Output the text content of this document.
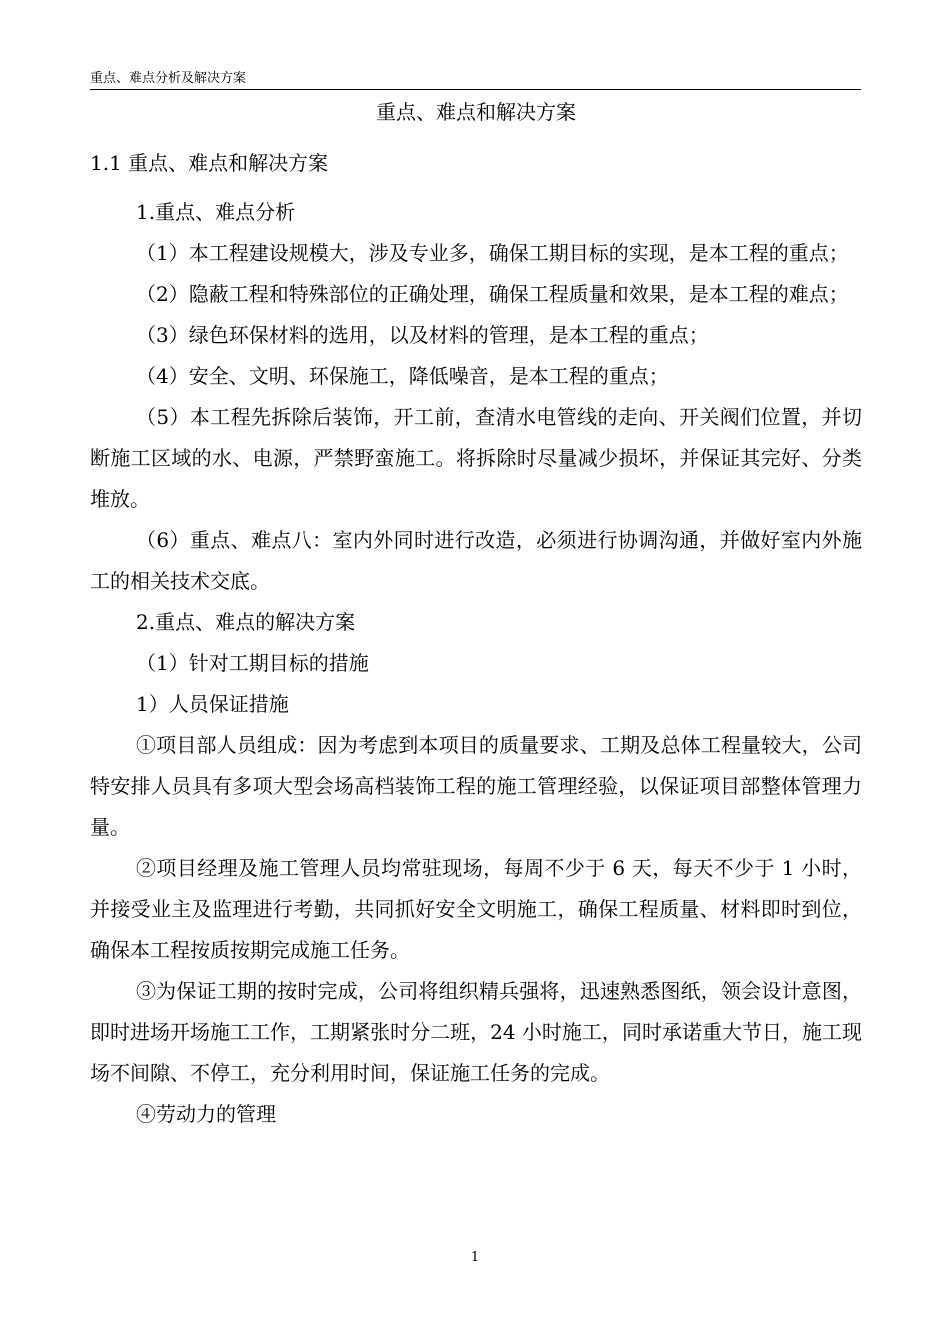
重点、难点分析及解决方案
重点、难点和解决方案
1.1 重点、难点和解决方案

1.重点、难点分析

（1）本工程建设规模大，涉及专业多，确保工期目标的实现，是本工程的重点；

（2）隐蔽工程和特殊部位的正确处理，确保工程质量和效果，是本工程的难点；

（3）绿色环保材料的选用，以及材料的管理，是本工程的重点；

（4）安全、文明、环保施工，降低噪音，是本工程的重点；

（5）本工程先拆除后装饰，开工前，查清水电管线的走向、开关阀们位置，并切断施工区域的水、电源，严禁野蛮施工。将拆除时尽量减少损坏，并保证其完好、分类堆放。

（6）重点、难点八：室内外同时进行改造，必须进行协调沟通，并做好室内外施工的相关技术交底。

2.重点、难点的解决方案

（1）针对工期目标的措施

1）人员保证措施

①项目部人员组成：因为考虑到本项目的质量要求、工期及总体工程量较大，公司特安排人员具有多项大型会场高档装饰工程的施工管理经验，以保证项目部整体管理力量。

②项目经理及施工管理人员均常驻现场，每周不少于 6 天，每天不少于 1 小时，并接受业主及监理进行考勤，共同抓好安全文明施工，确保工程质量、材料即时到位，确保本工程按质按期完成施工任务。

③为保证工期的按时完成，公司将组织精兵强将，迅速熟悉图纸，领会设计意图，即时进场开场施工工作，工期紧张时分二班，24 小时施工，同时承诺重大节日，施工现场不间隙、不停工，充分利用时间，保证施工任务的完成。

④劳动力的管理

1
